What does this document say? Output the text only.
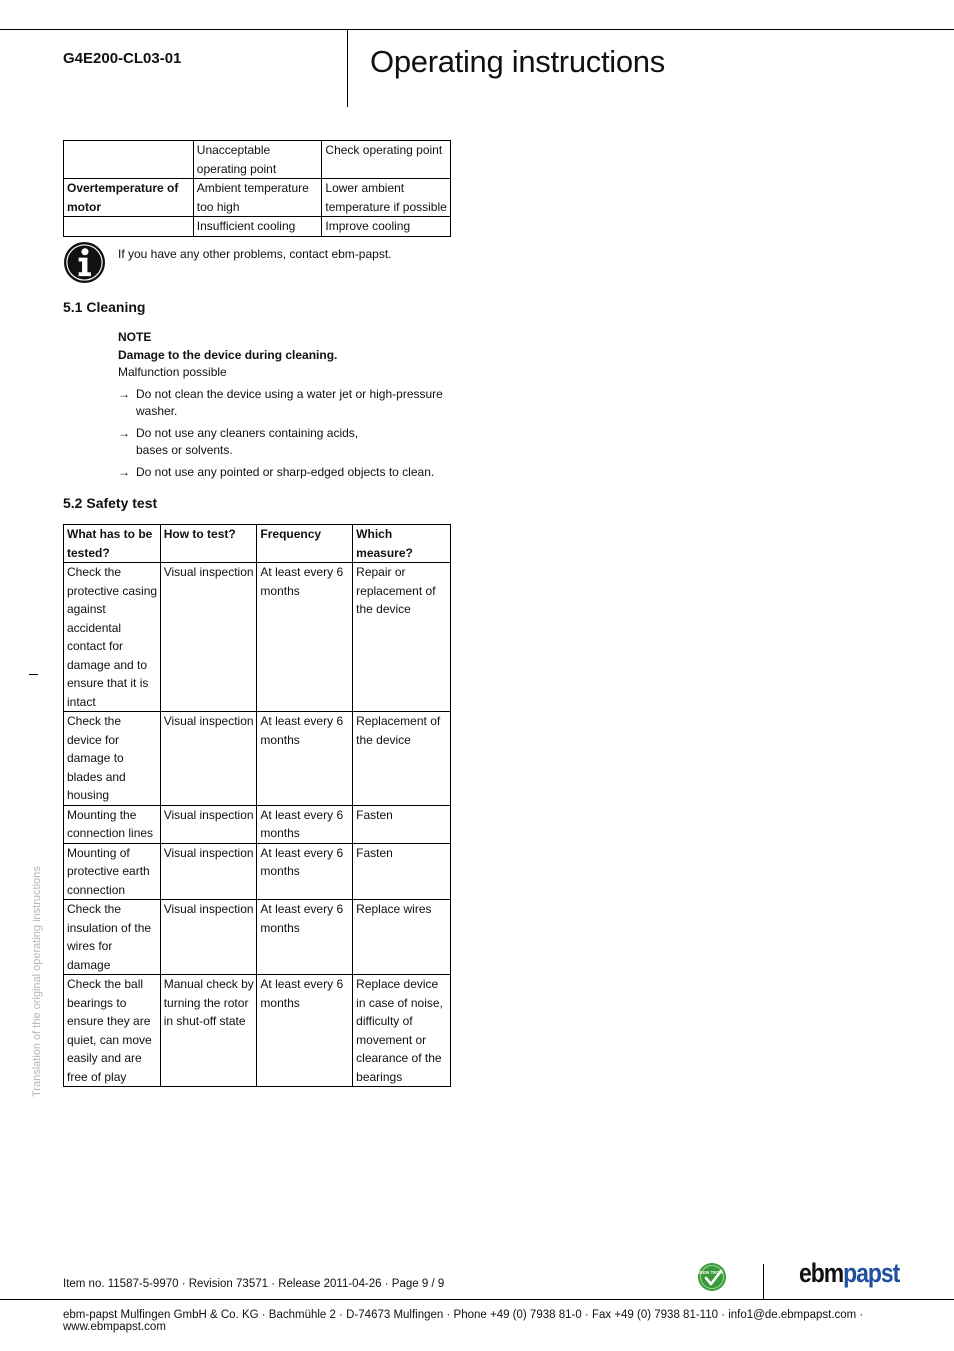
G4E200-CL03-01	Operating instructions
	Unacceptable operating point	Check operating point
Overtemperature of motor	Ambient temperature too high	Lower ambient temperature if possible
	Insufficient cooling	Improve cooling
If you have any other problems, contact ebm-papst.
5.1 Cleaning
NOTE
Damage to the device during cleaning.
Malfunction possible
→ Do not clean the device using a water jet or high-pressure washer.
→ Do not use any cleaners containing acids,
bases or solvents.
→ Do not use any pointed or sharp-edged objects to clean.
5.2 Safety test
What has to be tested?	How to test?	Frequency	Which measure?
Check the protective casing against accidental contact for damage and to ensure that it is intact	Visual inspection	At least every 6 months	Repair or replacement of the device
Check the device for damage to blades and housing	Visual inspection	At least every 6 months	Replacement of the device
Mounting the connection lines	Visual inspection	At least every 6 months	Fasten
Mounting of protective earth connection	Visual inspection	At least every 6 months	Fasten
Check the insulation of the wires for damage	Visual inspection	At least every 6 months	Replace wires
Check the ball bearings to ensure they are quiet, can move easily and are free of play	Manual check by turning the rotor in shut-off state	At least every 6 months	Replace device in case of noise, difficulty of movement or clearance of the bearings
Translation of the original operating instructions
Item no. 11587-5-9970 · Revision 73571 · Release 2011-04-26 · Page 9 / 9
GREEN TECH	ebmpapst
ebm-papst Mulfingen GmbH & Co. KG · Bachmühle 2 · D-74673 Mulfingen · Phone +49 (0) 7938 81-0 · Fax +49 (0) 7938 81-110 · info1@de.ebmpapst.com · www.ebmpapst.com
